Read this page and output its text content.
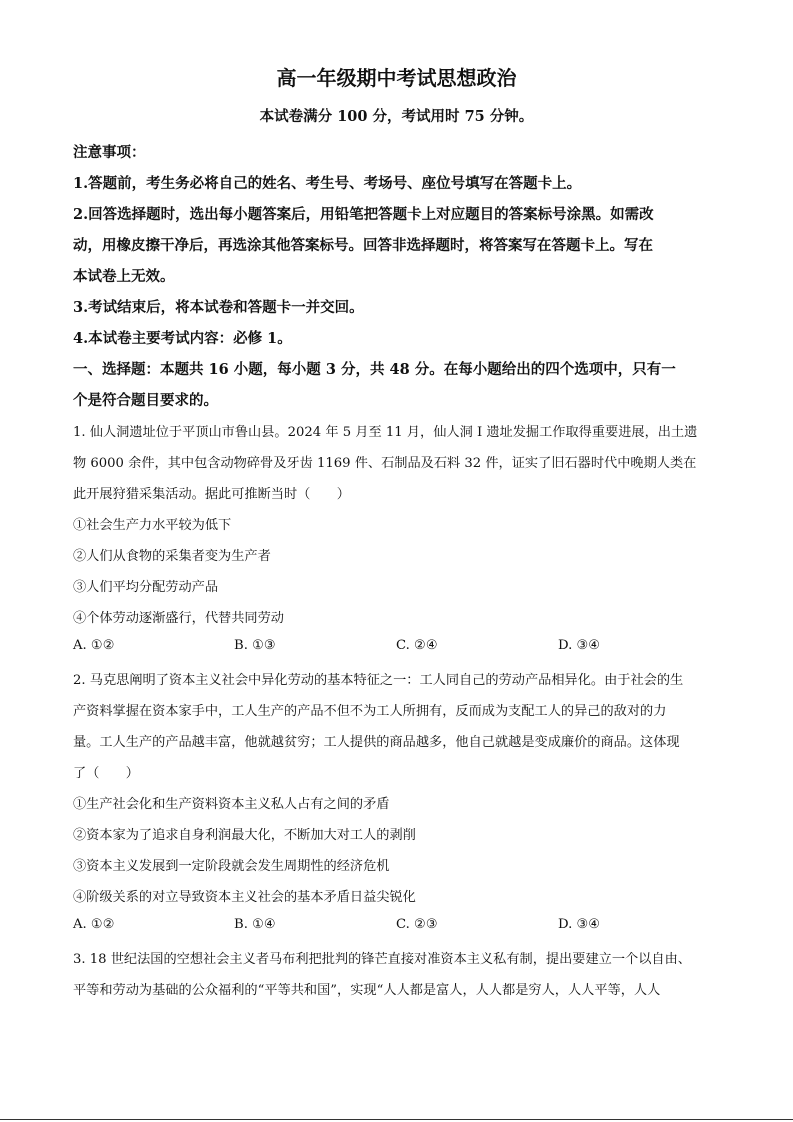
高一年级期中考试思想政治
本试卷满分 100 分，考试用时 75 分钟。
注意事项：
1.答题前，考生务必将自己的姓名、考生号、考场号、座位号填写在答题卡上。
2.回答选择题时，选出每小题答案后，用铅笔把答题卡上对应题目的答案标号涂黑。如需改
动，用橡皮擦干净后，再选涂其他答案标号。回答非选择题时，将答案写在答题卡上。写在
本试卷上无效。
3.考试结束后，将本试卷和答题卡一并交回。
4.本试卷主要考试内容：必修 1。
一、选择题：本题共 16 小题，每小题 3 分，共 48 分。在每小题给出的四个选项中，只有一
个是符合题目要求的。
1. 仙人洞遗址位于平顶山市鲁山县。2024 年 5 月至 11 月，仙人洞 I 遗址发掘工作取得重要进展，出土遗
物 6000 余件，其中包含动物碎骨及牙齿 1169 件、石制品及石料 32 件，证实了旧石器时代中晚期人类在
此开展狩猎采集活动。据此可推断当时（　　）
①社会生产力水平较为低下
②人们从食物的采集者变为生产者
③人们平均分配劳动产品
④个体劳动逐渐盛行，代替共同劳动
A. ①②	B. ①③	C. ②④	D. ③④
2. 马克思阐明了资本主义社会中异化劳动的基本特征之一：工人同自己的劳动产品相异化。由于社会的生
产资料掌握在资本家手中，工人生产的产品不但不为工人所拥有，反而成为支配工人的异己的敌对的力
量。工人生产的产品越丰富，他就越贫穷；工人提供的商品越多，他自己就越是变成廉价的商品。这体现
了（　　）
①生产社会化和生产资料资本主义私人占有之间的矛盾
②资本家为了追求自身利润最大化，不断加大对工人的剥削
③资本主义发展到一定阶段就会发生周期性的经济危机
④阶级关系的对立导致资本主义社会的基本矛盾日益尖锐化
A. ①②	B. ①④	C. ②③	D. ③④
3. 18 世纪法国的空想社会主义者马布利把批判的锋芒直接对准资本主义私有制，提出要建立一个以自由、
平等和劳动为基础的公众福利的“平等共和国”，实现“人人都是富人，人人都是穷人，人人平等，人人
